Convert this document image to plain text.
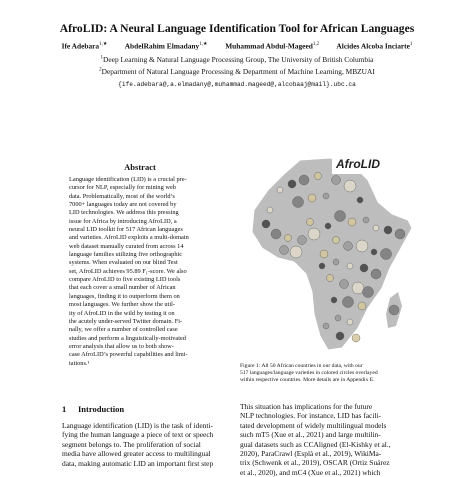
AfroLID: A Neural Language Identification Tool for African Languages
Ife Adebara$^{1,★}$ AbdelRahim Elmadany$^{1,★}$ Muhammad Abdul-Mageed$^{1,2}$ Alcides Alcoba Inciarte$^1$
$^1$Deep Learning & Natural Language Processing Group, The University of British Columbia
$^2$Department of Natural Language Processing & Department of Machine Learning, MBZUAI
{ife.adebara@,a.elmadany@,muhammad.mageed@,alcobaaj@mail}.ubc.ca
Abstract
Language identification (LID) is a crucial pre-
cursor for NLP, especially for mining web
data. Problematically, most of the world’s
7000+ languages today are not covered by
LID technologies. We address this pressing
issue for Africa by introducing AfroLID, a
neural LID toolkit for 517 African languages
and varieties. AfroLID exploits a multi-domain
web dataset manually curated from across 14
language families utilizing five orthographic
systems. When evaluated on our blind Test
set, AfroLID achieves 95.89 F₁-score. We also
compare AfroLID to five existing LID tools
that each cover a small number of African
languages, finding it to outperform them on
most languages. We further show the util-
ity of AfroLID in the wild by testing it on
the acutely under-served Twitter domain. Fi-
nally, we offer a number of controlled case
studies and perform a linguistically-motivated
error analysis that allow us to both show-
case AfroLID’s powerful capabilities and limi-
tations.¹
1 Introduction
Language identification (LID) is the task of identi-
fying the human language a piece of text or speech
segment belongs to. The proliferation of social
media have allowed greater access to multilingual
data, making automatic LID an important first step
AfroLID
Figure 1: All 50 African countries in our data, with our
517 languages/language varieties in colored circles overlayed
within respective countries. More details are in Appendix E.
This situation has implications for the future
NLP technologies. For instance, LID has facili-
tated development of widely multilingual models
such mT5 (Xue et al., 2021) and large multilin-
gual datasets such as CCAligned (El-Kishky et al.,
2020), ParaCrawl (Esplà et al., 2019), WikiMa-
trix (Schwenk et al., 2019), OSCAR (Ortiz Suárez
et al., 2020), and mC4 (Xue et al., 2021) which
